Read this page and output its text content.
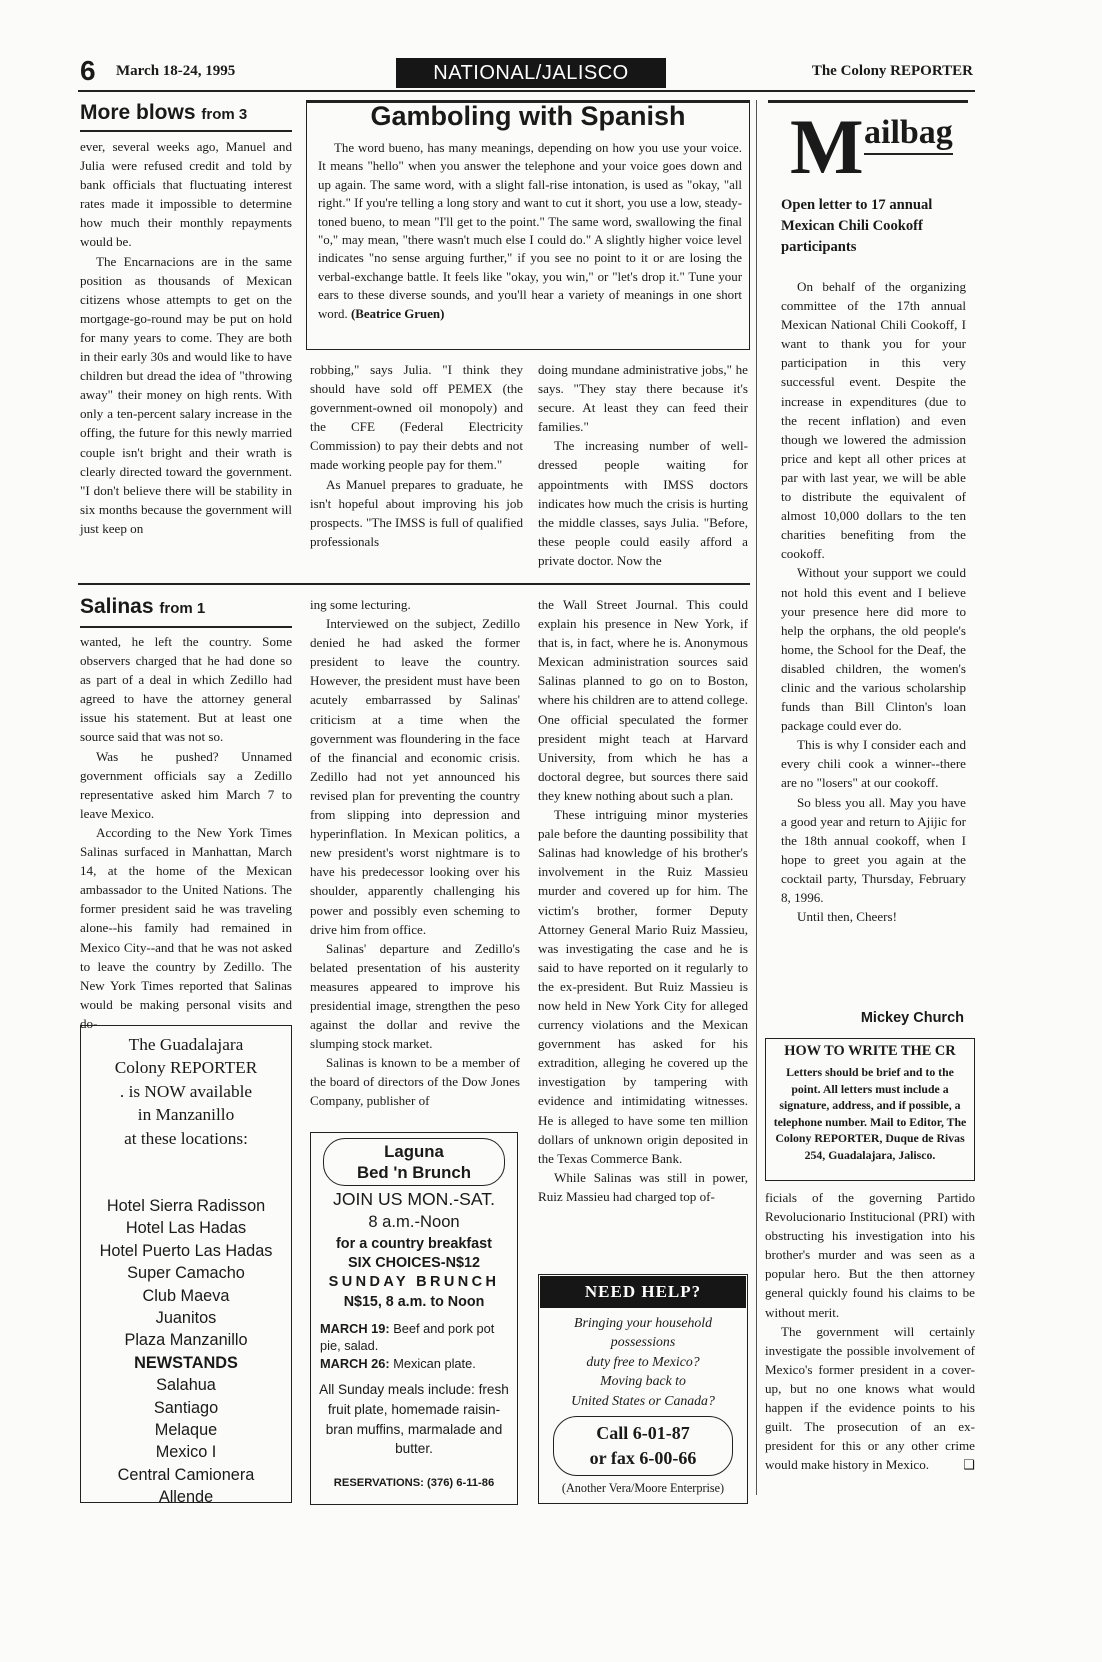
6 March 18-24, 1995	NATIONAL/JALISCO	The Colony REPORTER
More blows from 3

ever, several weeks ago, Manuel and Julia were refused credit and told by bank officials that fluctuating interest rates made it impossible to determine how much their monthly repayments would be.

The Encarnacions are in the same position as thousands of Mexican citizens whose attempts to get on the mortgage-go-round may be put on hold for many years to come. They are both in their early 30s and would like to have children but dread the idea of "throwing away" their money on high rents. With only a ten-percent salary increase in the offing, the future for this newly married couple isn't bright and their wrath is clearly directed toward the government. "I don't believe there will be stability in six months because the government will just keep on

Gamboling with Spanish
The word bueno, has many meanings, depending on how you use your voice. It means "hello" when you answer the telephone and your voice goes down and up again. The same word, with a slight fall-rise intonation, is used as "okay, "all right." If you're telling a long story and want to cut it short, you use a low, steady-toned bueno, to mean "I'll get to the point." The same word, swallowing the final "o," may mean, "there wasn't much else I could do." A slightly higher voice level indicates "no sense arguing further," if you see no point to it or are losing the verbal-exchange battle. It feels like "okay, you win," or "let's drop it." Tune your ears to these diverse sounds, and you'll hear a variety of meanings in one short word. (Beatrice Gruen)

robbing," says Julia. "I think they should have sold off PEMEX (the government-owned oil monopoly) and the CFE (Federal Electricity Commission) to pay their debts and not made working people pay for them."

As Manuel prepares to graduate, he isn't hopeful about improving his job prospects. "The IMSS is full of qualified professionals

doing mundane administrative jobs," he says. "They stay there because it's secure. At least they can feed their families."

The increasing number of well-dressed people waiting for appointments with IMSS doctors indicates how much the crisis is hurting the middle classes, says Julia. "Before, these people could easily afford a private doctor. Now the

M ailbag
Open letter to 17 annual Mexican Chili Cookoff participants

On behalf of the organizing committee of the 17th annual Mexican National Chili Cookoff, I want to thank you for your participation in this very successful event. Despite the increase in expenditures (due to the recent inflation) and even though we lowered the admission price and kept all other prices at par with last year, we will be able to distribute the equivalent of almost 10,000 dollars to the ten charities benefiting from the cookoff.

Without your support we could not hold this event and I believe your presence here did more to help the orphans, the old people's home, the School for the Deaf, the disabled children, the women's clinic and the various scholarship funds than Bill Clinton's loan package could ever do.

This is why I consider each and every chili cook a winner--there are no "losers" at our cookoff.

So bless you all. May you have a good year and return to Ajijic for the 18th annual cookoff, when I hope to greet you again at the cocktail party, Thursday, February 8, 1996.

Until then, Cheers!

Mickey Church
HOW TO WRITE THE CR
Letters should be brief and to the point. All letters must include a signature, address, and if possible, a telephone number. Mail to Editor, The Colony REPORTER, Duque de Rivas 254, Guadalajara, Jalisco.
Salinas from 1

wanted, he left the country. Some observers charged that he had done so as part of a deal in which Zedillo had agreed to have the attorney general issue his statement. But at least one source said that was not so.

Was he pushed? Unnamed government officials say a Zedillo representative asked him March 7 to leave Mexico.

According to the New York Times Salinas surfaced in Manhattan, March 14, at the home of the Mexican ambassador to the United Nations. The former president said he was traveling alone--his family had remained in Mexico City--and that he was not asked to leave the country by Zedillo. The New York Times reported that Salinas would be making personal visits and do-

ing some lecturing.

Interviewed on the subject, Zedillo denied he had asked the former president to leave the country. However, the president must have been acutely embarrassed by Salinas' criticism at a time when the government was floundering in the face of the financial and economic crisis. Zedillo had not yet announced his revised plan for preventing the country from slipping into depression and hyperinflation. In Mexican politics, a new president's worst nightmare is to have his predecessor looking over his shoulder, apparently challenging his power and possibly even scheming to drive him from office.

Salinas' departure and Zedillo's belated presentation of his austerity measures appeared to improve his presidential image, strengthen the peso against the dollar and revive the slumping stock market.

Salinas is known to be a member of the board of directors of the Dow Jones Company, publisher of

the Wall Street Journal. This could explain his presence in New York, if that is, in fact, where he is. Anonymous Mexican administration sources said Salinas planned to go on to Boston, where his children are to attend college. One official speculated the former president might teach at Harvard University, from which he has a doctoral degree, but sources there said they knew nothing about such a plan.

These intriguing minor mysteries pale before the daunting possibility that Salinas had knowledge of his brother's involvement in the Ruiz Massieu murder and covered up for him. The victim's brother, former Deputy Attorney General Mario Ruiz Massieu, was investigating the case and he is said to have reported on it regularly to the ex-president. But Ruiz Massieu is now held in New York City for alleged currency violations and the Mexican government has asked for his extradition, alleging he covered up the investigation by tampering with evidence and intimidating witnesses. He is alleged to have some ten million dollars of unknown origin deposited in the Texas Commerce Bank.

While Salinas was still in power, Ruiz Massieu had charged top of-	ficials of the governing Partido Revolucionario Institucional (PRI) with obstructing his investigation into his brother's murder and was seen as a popular hero. But the then attorney general quickly found his claims to be without merit.

The government will certainly investigate the possible involvement of Mexico's former president in a cover-up, but no one knows what would happen if the evidence points to his guilt. The prosecution of an ex-president for this or any other crime would make history in Mexico.	❑

The Guadalajara
Colony REPORTER
. is NOW available
in Manzanillo
at these locations:
Hotel Sierra Radisson
Hotel Las Hadas
Hotel Puerto Las Hadas
Super Camacho
Club Maeva
Juanitos
Plaza Manzanillo
NEWSTANDS
Salahua
Santiago
Melaque
Mexico I
Central Camionera
Allende
Laguna
Bed 'n Brunch
JOIN US MON.-SAT.
8 a.m.-Noon
for a country breakfast
SIX CHOICES-N$12
SUNDAY BRUNCH
N$15, 8 a.m. to Noon
MARCH 19: Beef and pork pot pie, salad.
MARCH 26: Mexican plate.
All Sunday meals include: fresh fruit plate, homemade raisin-bran muffins, marmalade and butter.
RESERVATIONS: (376) 6-11-86
NEED HELP?
Bringing your household
possessions
duty free to Mexico?
Moving back to
United States or Canada?
Call 6-01-87
or fax 6-00-66
(Another Vera/Moore Enterprise)
